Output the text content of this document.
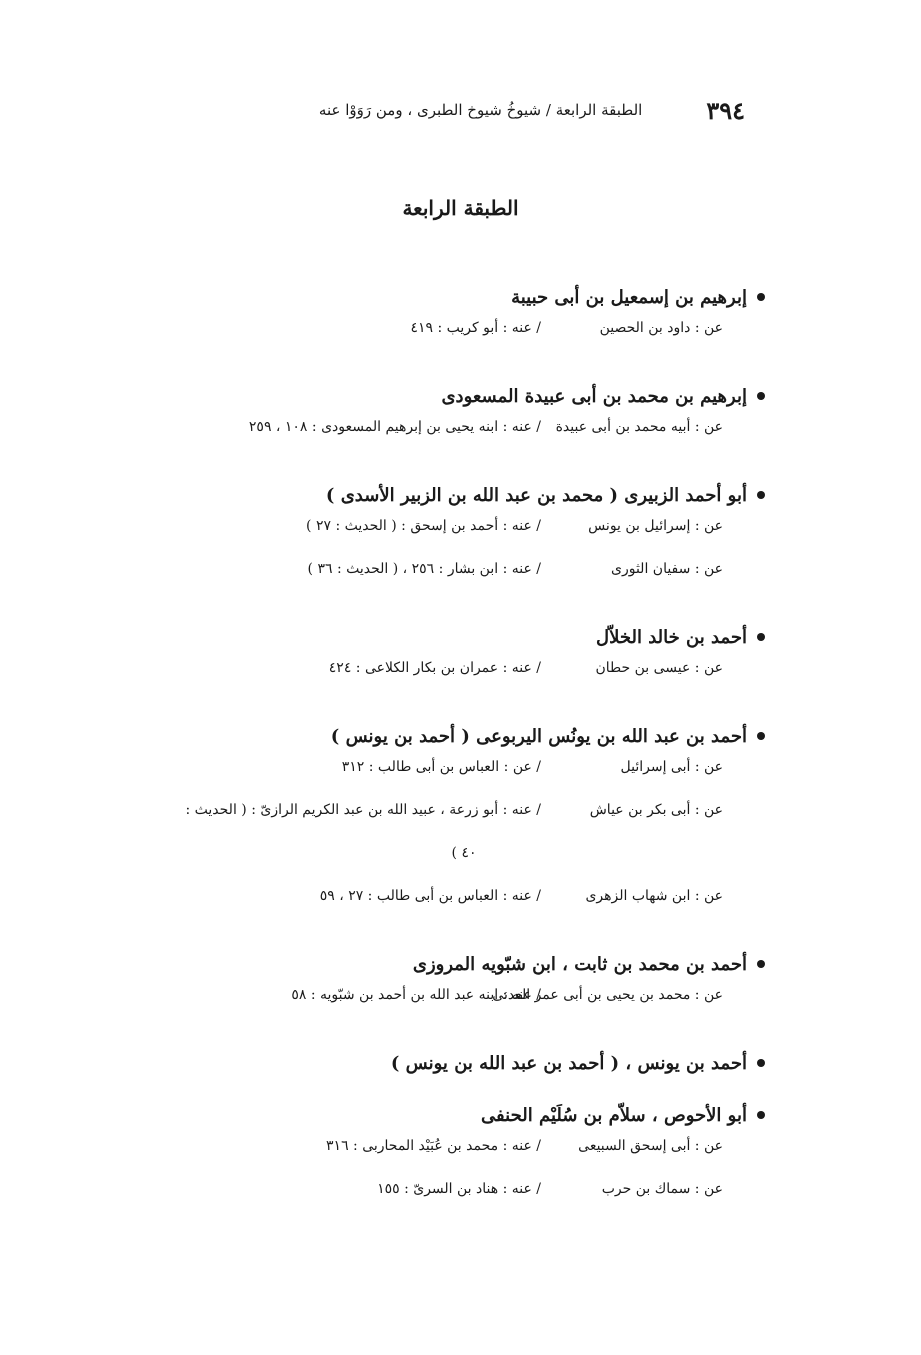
٣٩٤
الطبقة الرابعة / شيوخُ شيوخ الطبرى ، ومن رَوَوْا عنه
الطبقة الرابعة
إبرهيم بن إسمعيل بن أبى حبيبة
عن : داود بن الحصين
/ عنه : أبو كريب : ٤١٩
إبرهيم بن محمد بن أبى عبيدة المسعودى
عن : أبيه محمد بن أبى عبيدة
/ عنه : ابنه يحيى بن إبرهيم المسعودى : ١٠٨ ، ٢٥٩
أبو أحمد الزبيرى ( محمد بن عبد الله بن الزبير الأسدى )
عن : إسرائيل بن يونس
/ عنه : أحمد بن إسحق : ( الحديث : ٢٧ )
عن : سفيان الثورى
/ عنه : ابن بشار : ٢٥٦ ، ( الحديث : ٣٦ )
أحمد بن خالد الخلاّل
عن : عيسى بن حطان
/ عنه : عمران بن بكار الكلاعى : ٤٢٤
أحمد بن عبد الله بن يونُس اليربوعى ( أحمد بن يونس )
عن : أبى إسرائيل
/ عن : العباس بن أبى طالب : ٣١٢
عن : أبى بكر بن عياش
/ عنه : أبو زرعة ، عبيد الله بن عبد الكريم الرازىّ : ( الحديث :
٤٠ )
عن : ابن شهاب الزهرى
/ عنه : العباس بن أبى طالب : ٢٧ ، ٥٩
أحمد بن محمد بن ثابت ، ابن شبّويه المروزى
عن : محمد بن يحيى بن أبى عمر العدنى
/ عنه : ابنه عبد الله بن أحمد بن شبّويه : ٥٨
أحمد بن يونس ، ( أحمد بن عبد الله بن يونس )
أبو الأحوص ، سلاّم بن سُلَيْم الحنفى
عن : أبى إسحق السبيعى
/ عنه : محمد بن عُبَيْد المحاربى : ٣١٦
عن : سماك بن حرب
/ عنه : هناد بن السرىّ : ١٥٥
